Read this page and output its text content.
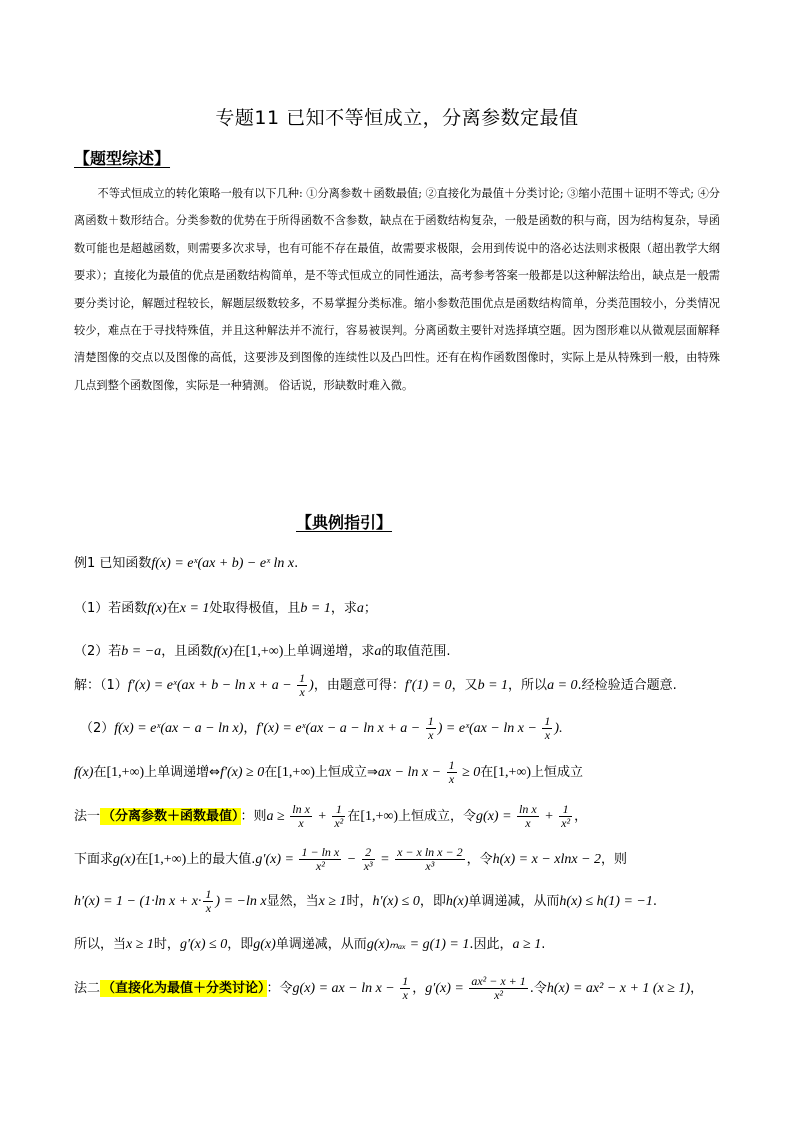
专题11 已知不等恒成立，分离参数定最值
【题型综述】

不等式恒成立的转化策略一般有以下几种: ①分离参数＋函数最值; ②直接化为最值＋分类讨论; ③缩小范围＋证明不等式; ④分离函数＋数形结合。分类参数的优势在于所得函数不含参数，缺点在于函数结构复杂，一般是函数的积与商，因为结构复杂，导函数可能也是超越函数，则需要多次求导，也有可能不存在最值，故需要求极限，会用到传说中的洛必达法则求极限（超出教学大纲要求）；直接化为最值的优点是函数结构简单，是不等式恒成立的同性通法，高考参考答案一般都是以这种解法给出，缺点是一般需要分类讨论，解题过程较长，解题层级数较多，不易掌握分类标准。缩小参数范围优点是函数结构简单，分类范围较小，分类情况较少，难点在于寻找特殊值，并且这种解法并不流行，容易被误判。分离函数主要针对选择填空题。因为图形难以从微观层面解释清楚图像的交点以及图像的高低，这要涉及到图像的连续性以及凸凹性。还有在构作函数图像时，实际上是从特殊到一般，由特殊几点到整个函数图像，实际是一种猜测。 俗话说，形缺数时难入微。

【典例指引】
例1 已知函数f(x) = eˣ(ax + b) − eˣ ln x.
（1）若函数f(x)在x = 1处取得极值，且b = 1，求a；
（2）若b = −a，且函数f(x)在[1,+∞)上单调递增，求a的取值范围.
解：（1）f′(x) = eˣ(ax + $b - \ln x + a - \frac{1}{x}$ )，由题意可得：f′(1) = 0，又b = 1，所以a = 0.经检验适合题意.
（2）f(x) = eˣ(ax − a − ln x)，f′(x) = eˣ(ax − $a - \ln x + a - \frac{1}{x}$ ) = eˣ(ax − $\ln x - \frac{1}{x}$ ).
f(x)在[1,+∞)上单调递增⇔f′(x) ≥ 0在[1,+∞)上恒成立⇒ax − $\ln x - \frac{1}{x} \ge 0$在[1,+∞)上恒成立
法一 （分离参数＋函数最值） ：则$a \ge \frac{\text{ln x}}{x} + \frac{1}{\text{x²}}$ 在[1,+∞)上恒成立，令$g(x) = \frac{\text{ln x}}{x} + \frac{1}{\text{x²}}$ ，
下面求g(x)在[1,+∞)上的最大值$.g'(x) = \frac{\text{1 − ln x}}{\text{x²}} - \frac{2}{\text{x³}} = \frac{\text{x − x ln x − 2}}{\text{x³}}$ ，令h(x) = x − xlnx − 2，则
h′(x) = 1 − (1·ln $x + x\cdot \frac{1}{x}$ ) = −ln x显然，当x ≥ 1时，h′(x) ≤ 0，即h(x)单调递减，从而h(x) ≤ h(1) = −1.
所以，当x ≥ 1时，g′(x) ≤ 0，即g(x)单调递减，从而g(x)ₘₐₓ = g(1) = 1.因此，a ≥ 1.
法二 （直接化为最值＋分类讨论） ：令g(x) = ax − $\ln x - \frac{1}{x}$ ，$g'(x) = \frac{\text{ax² − x + 1}}{\text{x²}}$ .令h(x) = ax² − x + 1 (x ≥ 1)，
